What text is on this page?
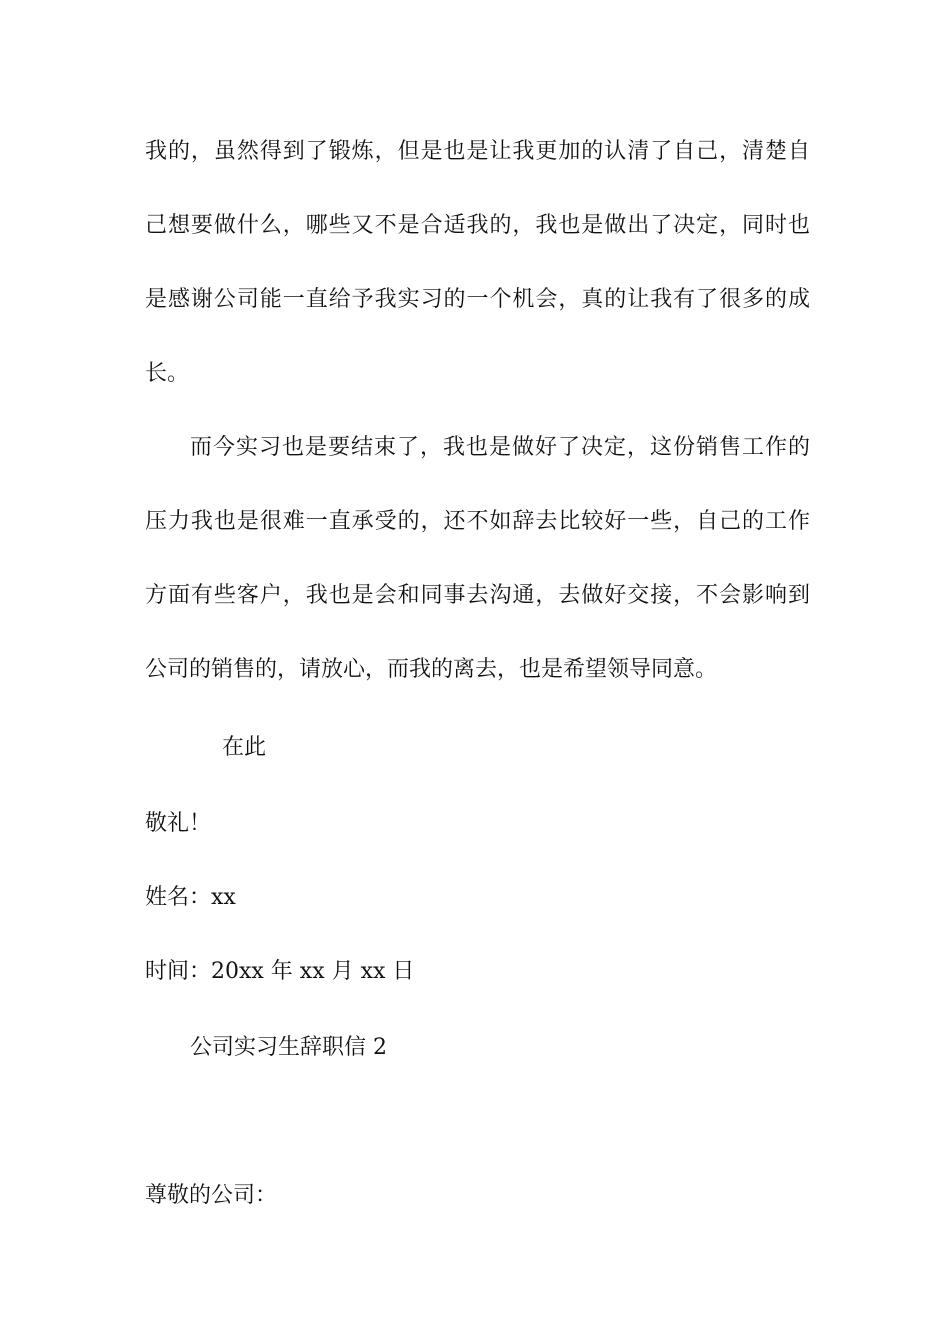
我的，虽然得到了锻炼，但是也是让我更加的认清了自己，清楚自
己想要做什么，哪些又不是合适我的，我也是做出了决定，同时也
是感谢公司能一直给予我实习的一个机会，真的让我有了很多的成
长。
而今实习也是要结束了，我也是做好了决定，这份销售工作的
压力我也是很难一直承受的，还不如辞去比较好一些，自己的工作
方面有些客户，我也是会和同事去沟通，去做好交接，不会影响到
公司的销售的，请放心，而我的离去，也是希望领导同意。
在此
敬礼！
姓名：xx
时间：20xx 年 xx 月 xx 日
公司实习生辞职信 2
尊敬的公司：
